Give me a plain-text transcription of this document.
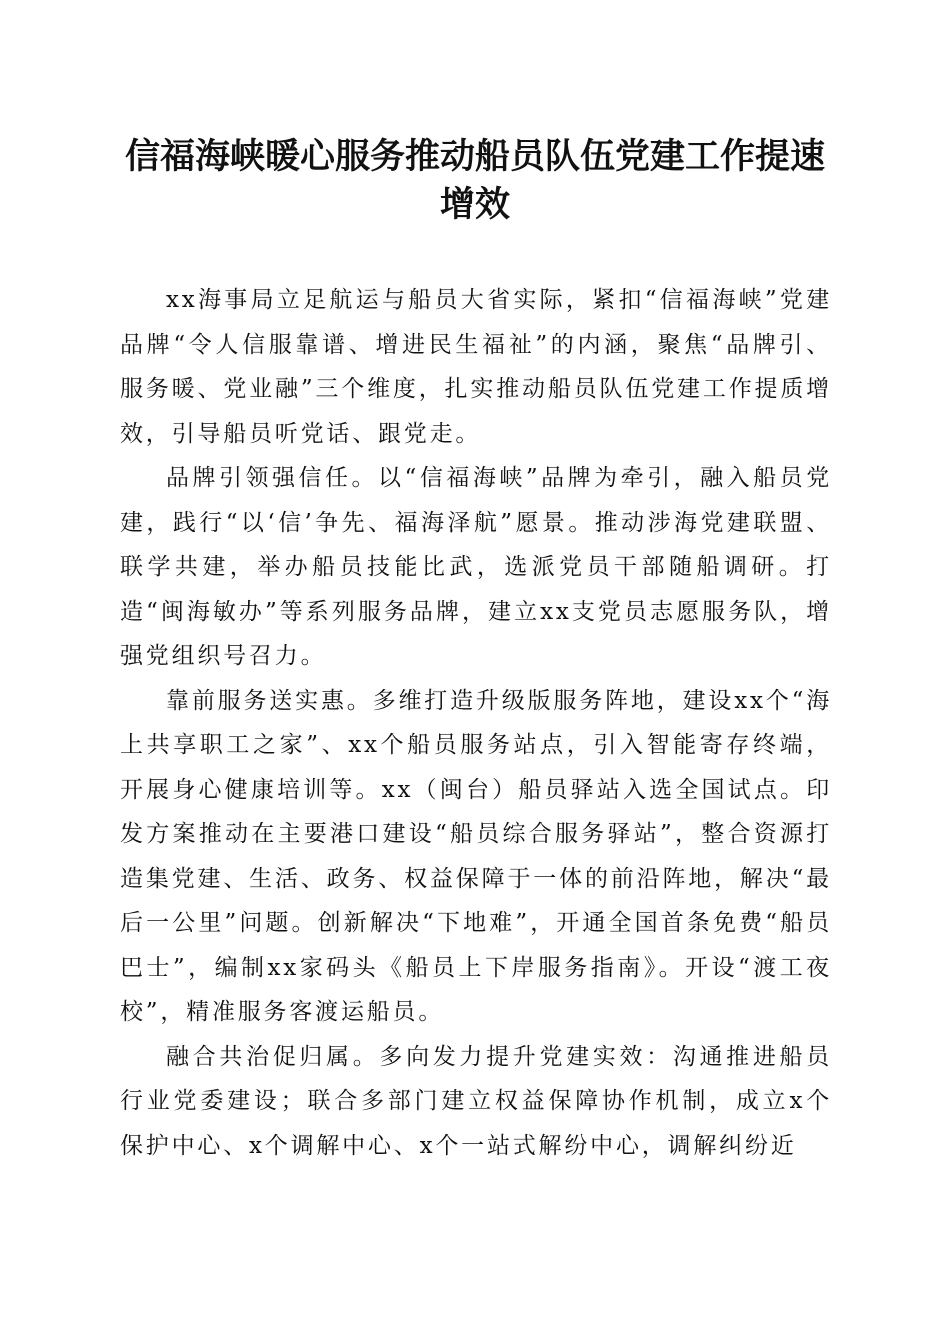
信福海峡暖心服务推动船员队伍党建工作提速
增效

xx海事局立足航运与船员大省实际，紧扣“信福海峡”党建品牌“令人信服靠谱、增进民生福祉”的内涵，聚焦“品牌引、服务暖、党业融”三个维度，扎实推动船员队伍党建工作提质增效，引导船员听党话、跟党走。

品牌引领强信任。以“信福海峡”品牌为牵引，融入船员党建，践行“以‘信’争先、福海泽航”愿景。推动涉海党建联盟、联学共建，举办船员技能比武，选派党员干部随船调研。打造“闽海敏办”等系列服务品牌，建立xx支党员志愿服务队，增强党组织号召力。

靠前服务送实惠。多维打造升级版服务阵地，建设xx个“海上共享职工之家”、xx个船员服务站点，引入智能寄存终端，开展身心健康培训等。xx（闽台）船员驿站入选全国试点。印发方案推动在主要港口建设“船员综合服务驿站”，整合资源打造集党建、生活、政务、权益保障于一体的前沿阵地，解决“最后一公里”问题。创新解决“下地难”，开通全国首条免费“船员巴士”，编制xx家码头《船员上下岸服务指南》。开设“渡工夜校”，精准服务客渡运船员。

融合共治促归属。多向发力提升党建实效：沟通推进船员行业党委建设；联合多部门建立权益保障协作机制，成立x个保护中心、x个调解中心、x个一站式解纷中心，调解纠纷近
